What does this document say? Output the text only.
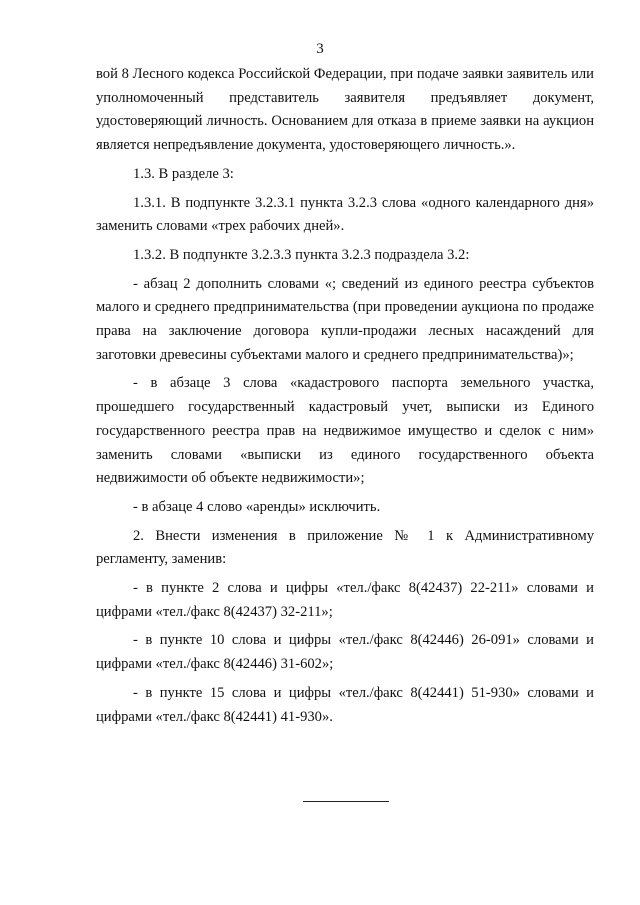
3

вой 8 Лесного кодекса Российской Федерации, при подаче заявки заявитель или уполномоченный представитель заявителя предъявляет документ, удостоверяющий личность. Основанием для отказа в приеме заявки на аукцион является непредъявление документа, удостоверяющего личность.».

1.3. В разделе 3:

1.3.1. В подпункте 3.2.3.1 пункта 3.2.3 слова «одного календарного дня» заменить словами «трех рабочих дней».

1.3.2. В подпункте 3.2.3.3 пункта 3.2.3 подраздела 3.2:

- абзац 2 дополнить словами «; сведений из единого реестра субъектов малого и среднего предпринимательства (при проведении аукциона по продаже права на заключение договора купли-продажи лесных насаждений для заготовки древесины субъектами малого и среднего предпринимательства)»;

- в абзаце 3 слова «кадастрового паспорта земельного участка, прошедшего государственный кадастровый учет, выписки из Единого государственного реестра прав на недвижимое имущество и сделок с ним» заменить словами «выписки из единого государственного объекта недвижимости об объекте недвижимости»;

- в абзаце 4 слово «аренды» исключить.

2. Внести изменения в приложение № 1 к Административному регламенту, заменив:

- в пункте 2 слова и цифры «тел./факс 8(42437) 22-211» словами и цифрами «тел./факс 8(42437) 32-211»;

- в пункте 10 слова и цифры «тел./факс 8(42446) 26-091» словами и цифрами «тел./факс 8(42446) 31-602»;

- в пункте 15 слова и цифры «тел./факс 8(42441) 51-930» словами и цифрами «тел./факс 8(42441) 41-930».
